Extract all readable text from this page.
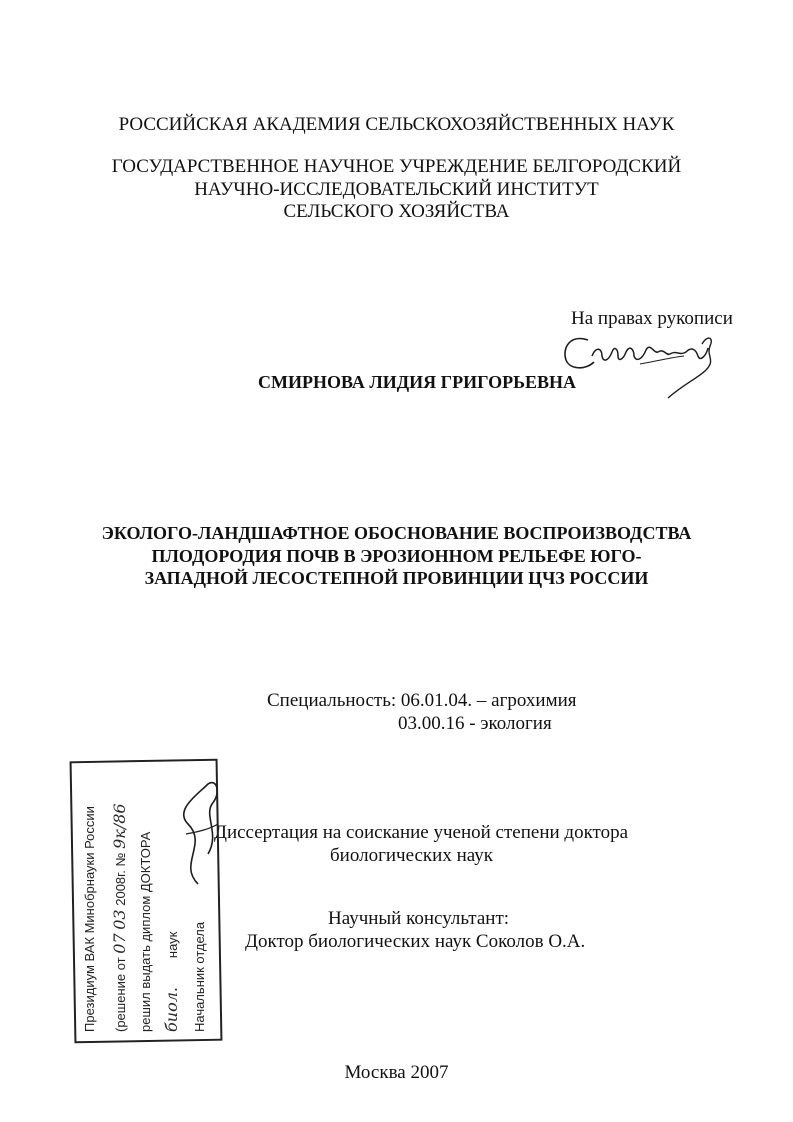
РОССИЙСКАЯ АКАДЕМИЯ СЕЛЬСКОХОЗЯЙСТВЕННЫХ НАУК
ГОСУДАРСТВЕННОЕ НАУЧНОЕ УЧРЕЖДЕНИЕ БЕЛГОРОДСКИЙ
НАУЧНО-ИССЛЕДОВАТЕЛЬСКИЙ ИНСТИТУТ
СЕЛЬСКОГО ХОЗЯЙСТВА
На правах рукописи
СМИРНОВА ЛИДИЯ ГРИГОРЬЕВНА
ЭКОЛОГО-ЛАНДШАФТНОЕ ОБОСНОВАНИЕ ВОСПРОИЗВОДСТВА
ПЛОДОРОДИЯ ПОЧВ В ЭРОЗИОННОМ РЕЛЬЕФЕ ЮГО-
ЗАПАДНОЙ ЛЕСОСТЕПНОЙ ПРОВИНЦИИ ЦЧЗ РОССИИ
Специальность: 06.01.04. – агрохимия
03.00.16 - экология
Диссертация на соискание ученой степени доктора
биологических наук
Научный консультант:
Доктор биологических наук Соколов О.А.
Москва 2007
Президиум ВАК Минобрнауки России (решение от 07 03 2008г. № 9к/86
решил выдать диплом ДОКТОРА биол.        наук Начальник отдела
